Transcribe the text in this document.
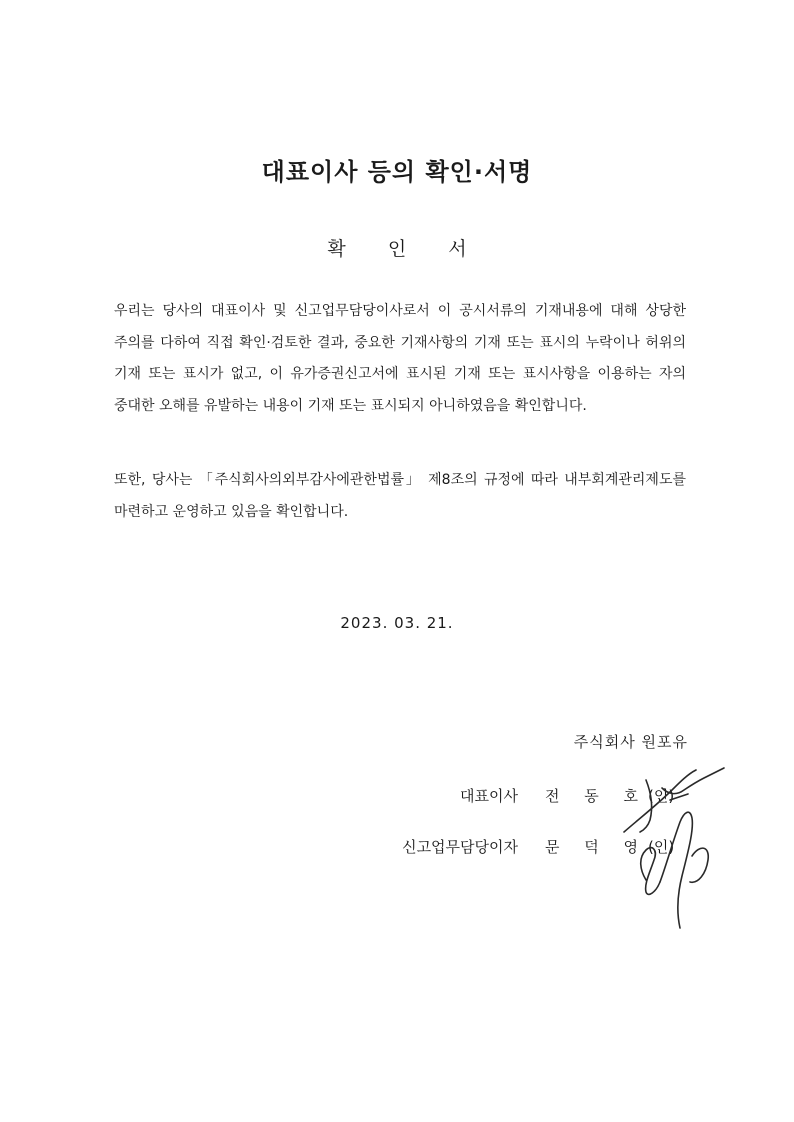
대표이사 등의 확인·서명
확 인 서
우리는 당사의 대표이사 및 신고업무담당이사로서 이 공시서류의 기재내용에 대해 상당한 주의를 다하여 직접 확인·검토한 결과, 중요한 기재사항의 기재 또는 표시의 누락이나 허위의 기재 또는 표시가 없고, 이 유가증권신고서에 표시된 기재 또는 표시사항을 이용하는 자의 중대한 오해를 유발하는 내용이 기재 또는 표시되지 아니하였음을 확인합니다.
또한, 당사는 「주식회사의외부감사에관한법률」 제8조의 규정에 따라 내부회계관리제도를 마련하고 운영하고 있음을 확인합니다.
2023. 03. 21.
주식회사 원포유
대표이사 전 동 호 (인)
신고업무담당이자 문 덕 영 (인)
